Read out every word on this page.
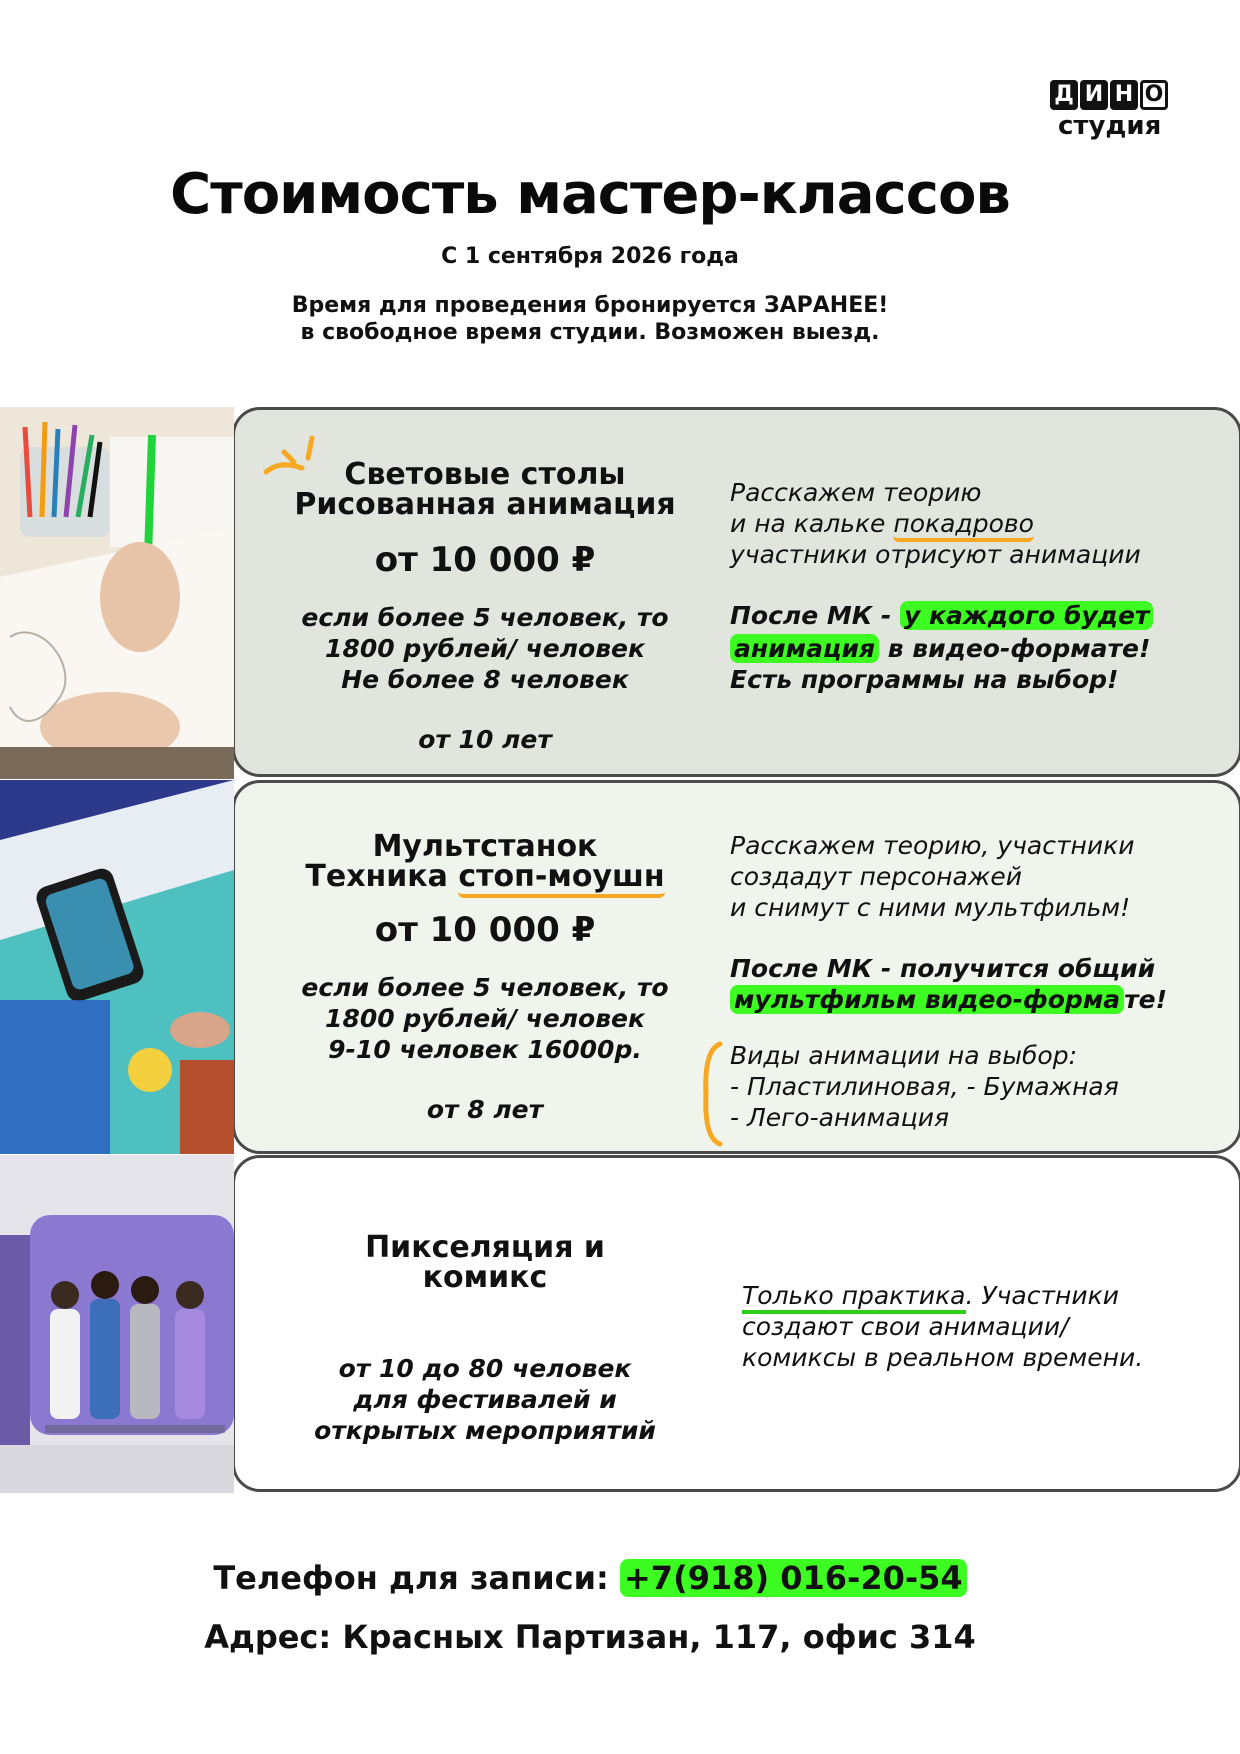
Д И Н О
студия
Стоимость мастер-классов
С 1 сентября 2026 года
Время для проведения бронируется ЗАРАНЕЕ!
в свободное время студии. Возможен выезд.
Световые столы
Рисованная анимация
от 10 000 ₽
если более 5 человек, то
1800 рублей/ человек
Не более 8 человек
от 10 лет
Расскажем теорию
и на кальке покадрово
участники отрисуют анимации
После МК - у каждого будет
анимация в видео-формате!
Есть программы на выбор!
Мультстанок
Техника стоп-моушн
от 10 000 ₽
если более 5 человек, то
1800 рублей/ человек
9-10 человек 16000р.
от 8 лет
Расскажем теорию, участники
создадут персонажей
и снимут с ними мультфильм!
После МК - получится общий
мультфильм видео-форма те!
Виды анимации на выбор:
- Пластилиновая, - Бумажная
- Лего-анимация
Пикселяция и
комикс
от 10 до 80 человек
для фестивалей и
открытых мероприятий
Только практика. Участники
создают свои анимации/
комиксы в реальном времени.
Телефон для записи: +7(918) 016-20-54
Адрес: Красных Партизан, 117, офис 314
